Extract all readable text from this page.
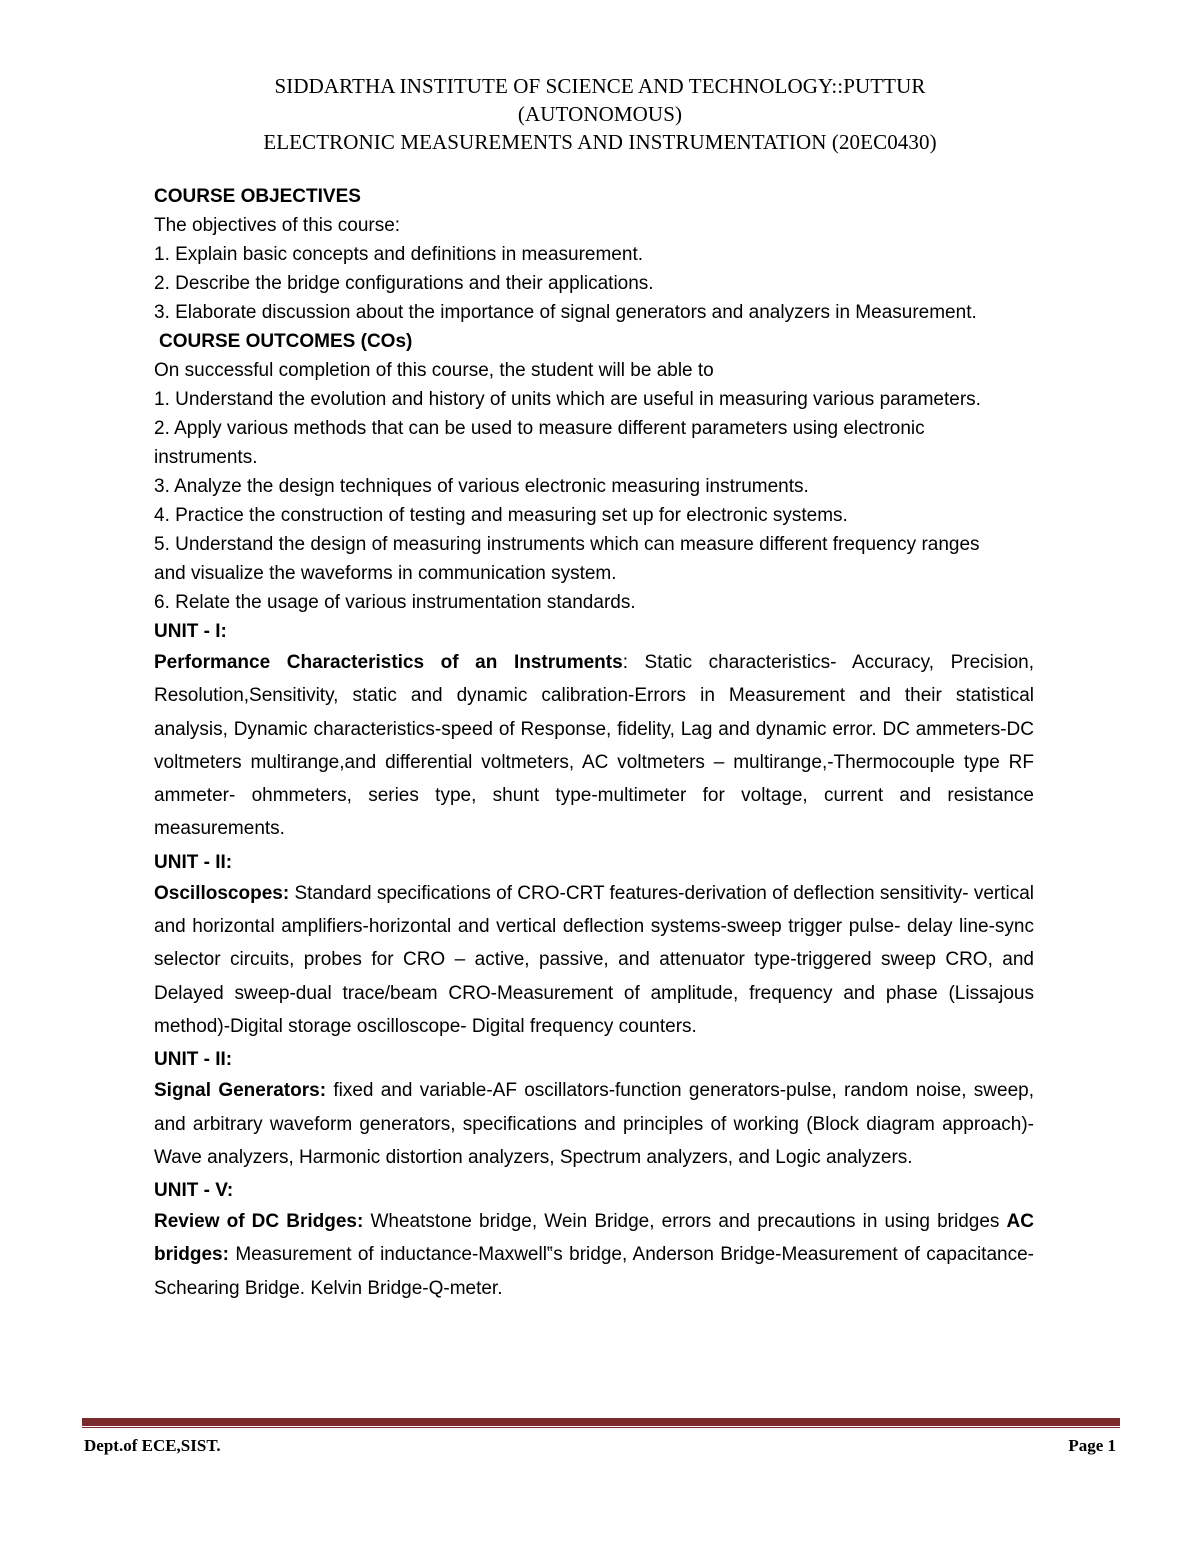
SIDDARTHA INSTITUTE OF SCIENCE AND TECHNOLOGY::PUTTUR
(AUTONOMOUS)
ELECTRONIC MEASUREMENTS AND INSTRUMENTATION (20EC0430)
COURSE OBJECTIVES
The objectives of this course:
1. Explain basic concepts and definitions in measurement.
2. Describe the bridge configurations and their applications.
3. Elaborate discussion about the importance of signal generators and analyzers in Measurement.
COURSE OUTCOMES (COs)
On successful completion of this course, the student will be able to
1. Understand the evolution and history of units which are useful in measuring various parameters.
2. Apply various methods that can be used to measure different parameters using electronic
instruments.
3. Analyze the design techniques of various electronic measuring instruments.
4. Practice the construction of testing and measuring set up for electronic systems.
5. Understand the design of measuring instruments which can measure different frequency ranges
and visualize the waveforms in communication system.
6. Relate the usage of various instrumentation standards.
UNIT - I:
Performance Characteristics of an Instruments: Static characteristics- Accuracy, Precision, Resolution,Sensitivity, static and dynamic calibration-Errors in Measurement and their statistical analysis, Dynamic characteristics-speed of Response, fidelity, Lag and dynamic error. DC ammeters-DC voltmeters multirange,and differential voltmeters, AC voltmeters – multirange,-Thermocouple type RF ammeter- ohmmeters, series type, shunt type-multimeter for voltage, current and resistance measurements.
UNIT - II:
Oscilloscopes: Standard specifications of CRO-CRT features-derivation of deflection sensitivity- vertical and horizontal amplifiers-horizontal and vertical deflection systems-sweep trigger pulse- delay line-sync selector circuits, probes for CRO – active, passive, and attenuator type-triggered sweep CRO, and Delayed sweep-dual trace/beam CRO-Measurement of amplitude, frequency and phase (Lissajous method)-Digital storage oscilloscope- Digital frequency counters.
UNIT - II:
Signal Generators: fixed and variable-AF oscillators-function generators-pulse, random noise, sweep, and arbitrary waveform generators, specifications and principles of working (Block diagram approach)-Wave analyzers, Harmonic distortion analyzers, Spectrum analyzers, and Logic analyzers.
UNIT - V:
Review of DC Bridges: Wheatstone bridge, Wein Bridge, errors and precautions in using bridges AC bridges: Measurement of inductance-Maxwell‟s bridge, Anderson Bridge-Measurement of capacitance- Schearing Bridge. Kelvin Bridge-Q-meter.
Dept.of ECE,SIST.	Page 1
